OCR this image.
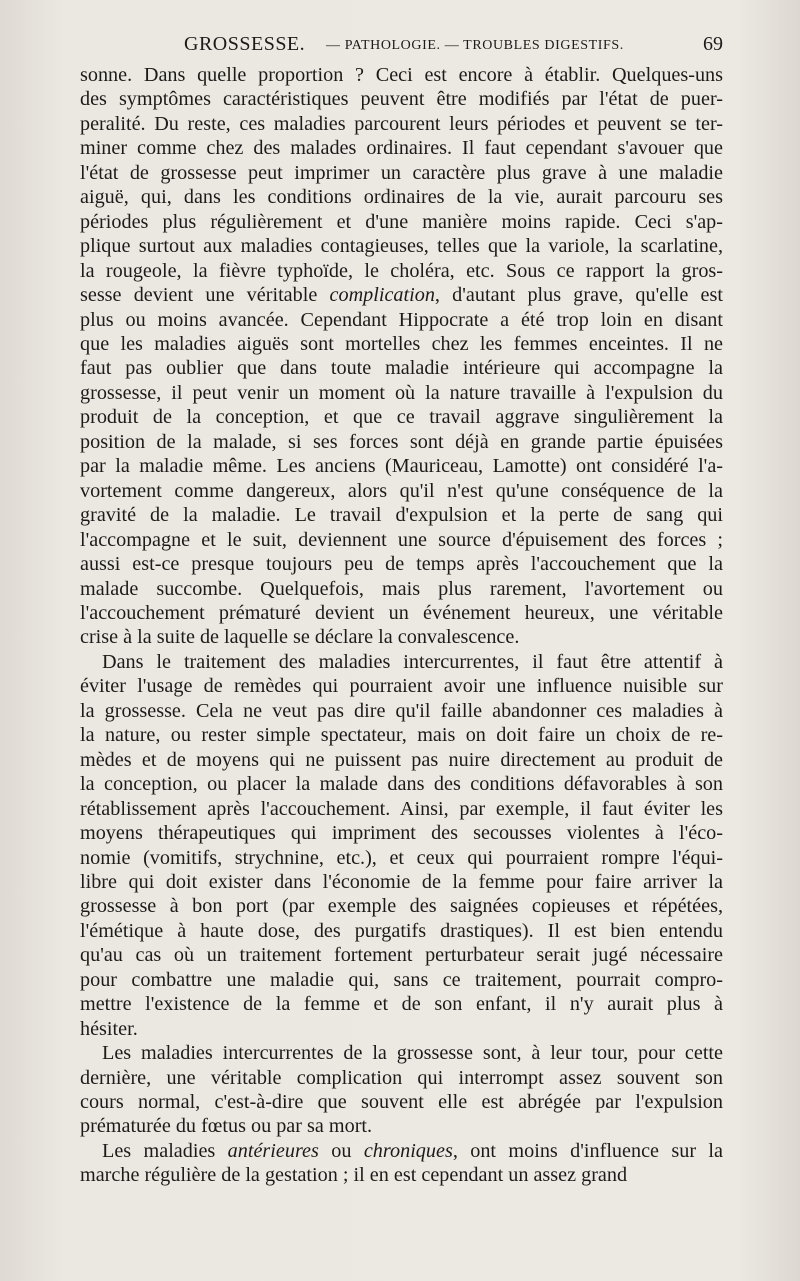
GROSSESSE. — PATHOLOGIE. — TROUBLES DIGESTIFS.	69
sonne. Dans quelle proportion ? Ceci est encore à établir. Quelques-uns
des symptômes caractéristiques peuvent être modifiés par l'état de puer-
peralité. Du reste, ces maladies parcourent leurs périodes et peuvent se ter-
miner comme chez des malades ordinaires. Il faut cependant s'avouer que
l'état de grossesse peut imprimer un caractère plus grave à une maladie
aiguë, qui, dans les conditions ordinaires de la vie, aurait parcouru ses
périodes plus régulièrement et d'une manière moins rapide. Ceci s'ap-
plique surtout aux maladies contagieuses, telles que la variole, la scarlatine,
la rougeole, la fièvre typhoïde, le choléra, etc. Sous ce rapport la gros-
sesse devient une véritable complication, d'autant plus grave, qu'elle est
plus ou moins avancée. Cependant Hippocrate a été trop loin en disant
que les maladies aiguës sont mortelles chez les femmes enceintes. Il ne
faut pas oublier que dans toute maladie intérieure qui accompagne la
grossesse, il peut venir un moment où la nature travaille à l'expulsion du
produit de la conception, et que ce travail aggrave singulièrement la
position de la malade, si ses forces sont déjà en grande partie épuisées
par la maladie même. Les anciens (Mauriceau, Lamotte) ont considéré l'a-
vortement comme dangereux, alors qu'il n'est qu'une conséquence de la
gravité de la maladie. Le travail d'expulsion et la perte de sang qui
l'accompagne et le suit, deviennent une source d'épuisement des forces ;
aussi est-ce presque toujours peu de temps après l'accouchement que la
malade succombe. Quelquefois, mais plus rarement, l'avortement ou
l'accouchement prématuré devient un événement heureux, une véritable
crise à la suite de laquelle se déclare la convalescence.
Dans le traitement des maladies intercurrentes, il faut être attentif à
éviter l'usage de remèdes qui pourraient avoir une influence nuisible sur
la grossesse. Cela ne veut pas dire qu'il faille abandonner ces maladies à
la nature, ou rester simple spectateur, mais on doit faire un choix de re-
mèdes et de moyens qui ne puissent pas nuire directement au produit de
la conception, ou placer la malade dans des conditions défavorables à son
rétablissement après l'accouchement. Ainsi, par exemple, il faut éviter les
moyens thérapeutiques qui impriment des secousses violentes à l'éco-
nomie (vomitifs, strychnine, etc.), et ceux qui pourraient rompre l'équi-
libre qui doit exister dans l'économie de la femme pour faire arriver la
grossesse à bon port (par exemple des saignées copieuses et répétées,
l'émétique à haute dose, des purgatifs drastiques). Il est bien entendu
qu'au cas où un traitement fortement perturbateur serait jugé nécessaire
pour combattre une maladie qui, sans ce traitement, pourrait compro-
mettre l'existence de la femme et de son enfant, il n'y aurait plus à
hésiter.
Les maladies intercurrentes de la grossesse sont, à leur tour, pour cette
dernière, une véritable complication qui interrompt assez souvent son
cours normal, c'est-à-dire que souvent elle est abrégée par l'expulsion
prématurée du fœtus ou par sa mort.
Les maladies antérieures ou chroniques, ont moins d'influence sur la
marche régulière de la gestation ; il en est cependant un assez grand
